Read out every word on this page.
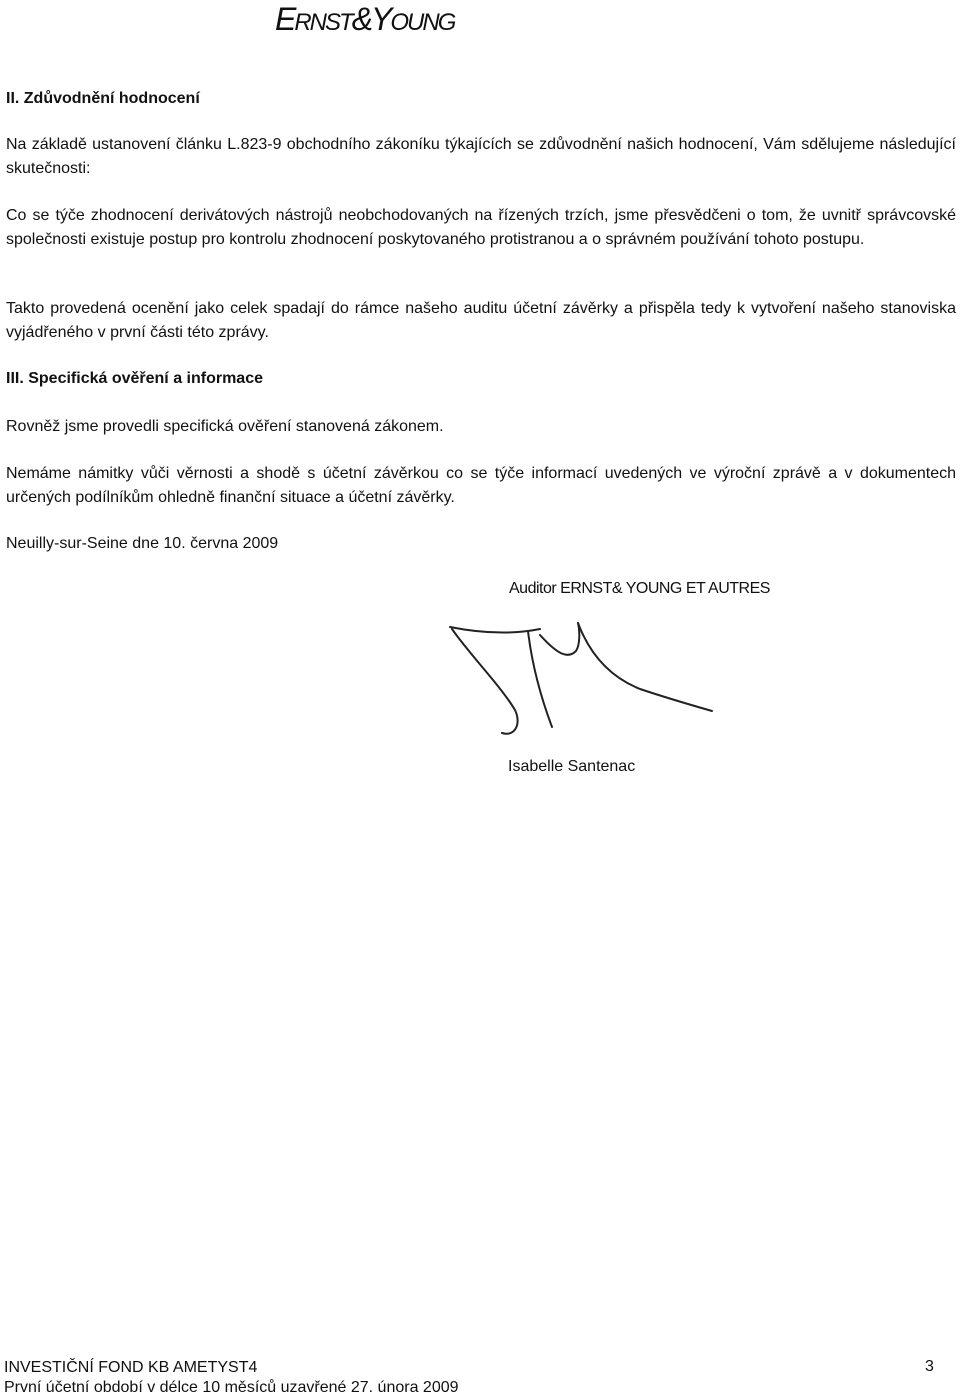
ERNST&YOUNG
II. Zdůvodnění hodnocení
Na základě ustanovení článku L.823-9 obchodního zákoníku týkajících se zdůvodnění našich hodnocení, Vám sdělujeme následující skutečnosti:
Co se týče zhodnocení derivátových nástrojů neobchodovaných na řízených trzích, jsme přesvědčeni o tom, že uvnitř správcovské společnosti existuje postup pro kontrolu zhodnocení poskytovaného protistranou a o správném používání tohoto postupu.
Takto provedená ocenění jako celek spadají do rámce našeho auditu účetní závěrky a přispěla tedy k vytvoření našeho stanoviska vyjádřeného v první části této zprávy.
III. Specifická ověření a informace
Rovněž jsme provedli specifická ověření stanovená zákonem.
Nemáme námitky vůči věrnosti a shodě s účetní závěrkou co se týče informací uvedených ve výroční zprávě a v dokumentech určených podílníkům ohledně finanční situace a účetní závěrky.
Neuilly-sur-Seine dne 10. června 2009
Auditor ERNST& YOUNG ET AUTRES
Isabelle Santenac
INVESTIČNÍ FOND KB AMETYST4
První účetní období v délce 10 měsíců uzavřené 27. února 2009
3
